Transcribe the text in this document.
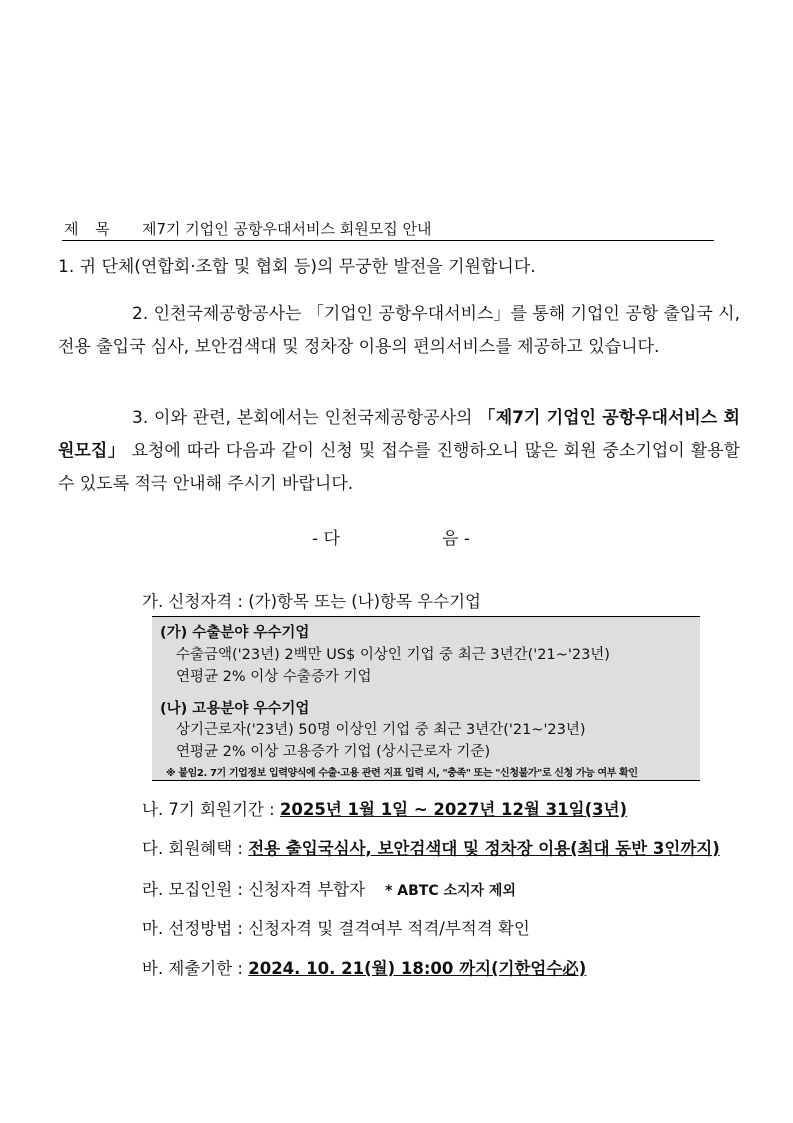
제 목 제7기 기업인 공항우대서비스 회원모집 안내
1. 귀 단체(연합회·조합 및 협회 등)의 무궁한 발전을 기원합니다.
2. 인천국제공항공사는 「기업인 공항우대서비스」를 통해 기업인 공항 출입국 시, 전용 출입국 심사, 보안검색대 및 정차장 이용의 편의서비스를 제공하고 있습니다.
3. 이와 관련, 본회에서는 인천국제공항공사의 「제7기 기업인 공항우대서비스 회원모집」 요청에 따라 다음과 같이 신청 및 접수를 진행하오니 많은 회원 중소기업이 활용할 수 있도록 적극 안내해 주시기 바랍니다.
- 다	음 -
가. 신청자격 : (가)항목 또는 (나)항목 우수기업
(가) 수출분야 우수기업
수출금액('23년) 2백만 US$ 이상인 기업 중 최근 3년간('21~'23년)
연평균 2% 이상 수출증가 기업
(나) 고용분야 우수기업
상기근로자('23년) 50명 이상인 기업 중 최근 3년간('21~'23년)
연평균 2% 이상 고용증가 기업 (상시근로자 기준)
※ 붙임2. 7기 기업정보 입력양식에 수출·고용 관련 지표 입력 시, "충족" 또는 "신청불가"로 신청 가능 여부 확인
나. 7기 회원기간 : 2025년 1월 1일 ~ 2027년 12월 31일(3년)
다. 회원혜택 : 전용 출입국심사, 보안검색대 및 정차장 이용(최대 동반 3인까지)
라. 모집인원 : 신청자격 부합자 * ABTC 소지자 제외
마. 선정방법 : 신청자격 및 결격여부 적격/부적격 확인
바. 제출기한 : 2024. 10. 21(월) 18:00 까지(기한엄수必)
